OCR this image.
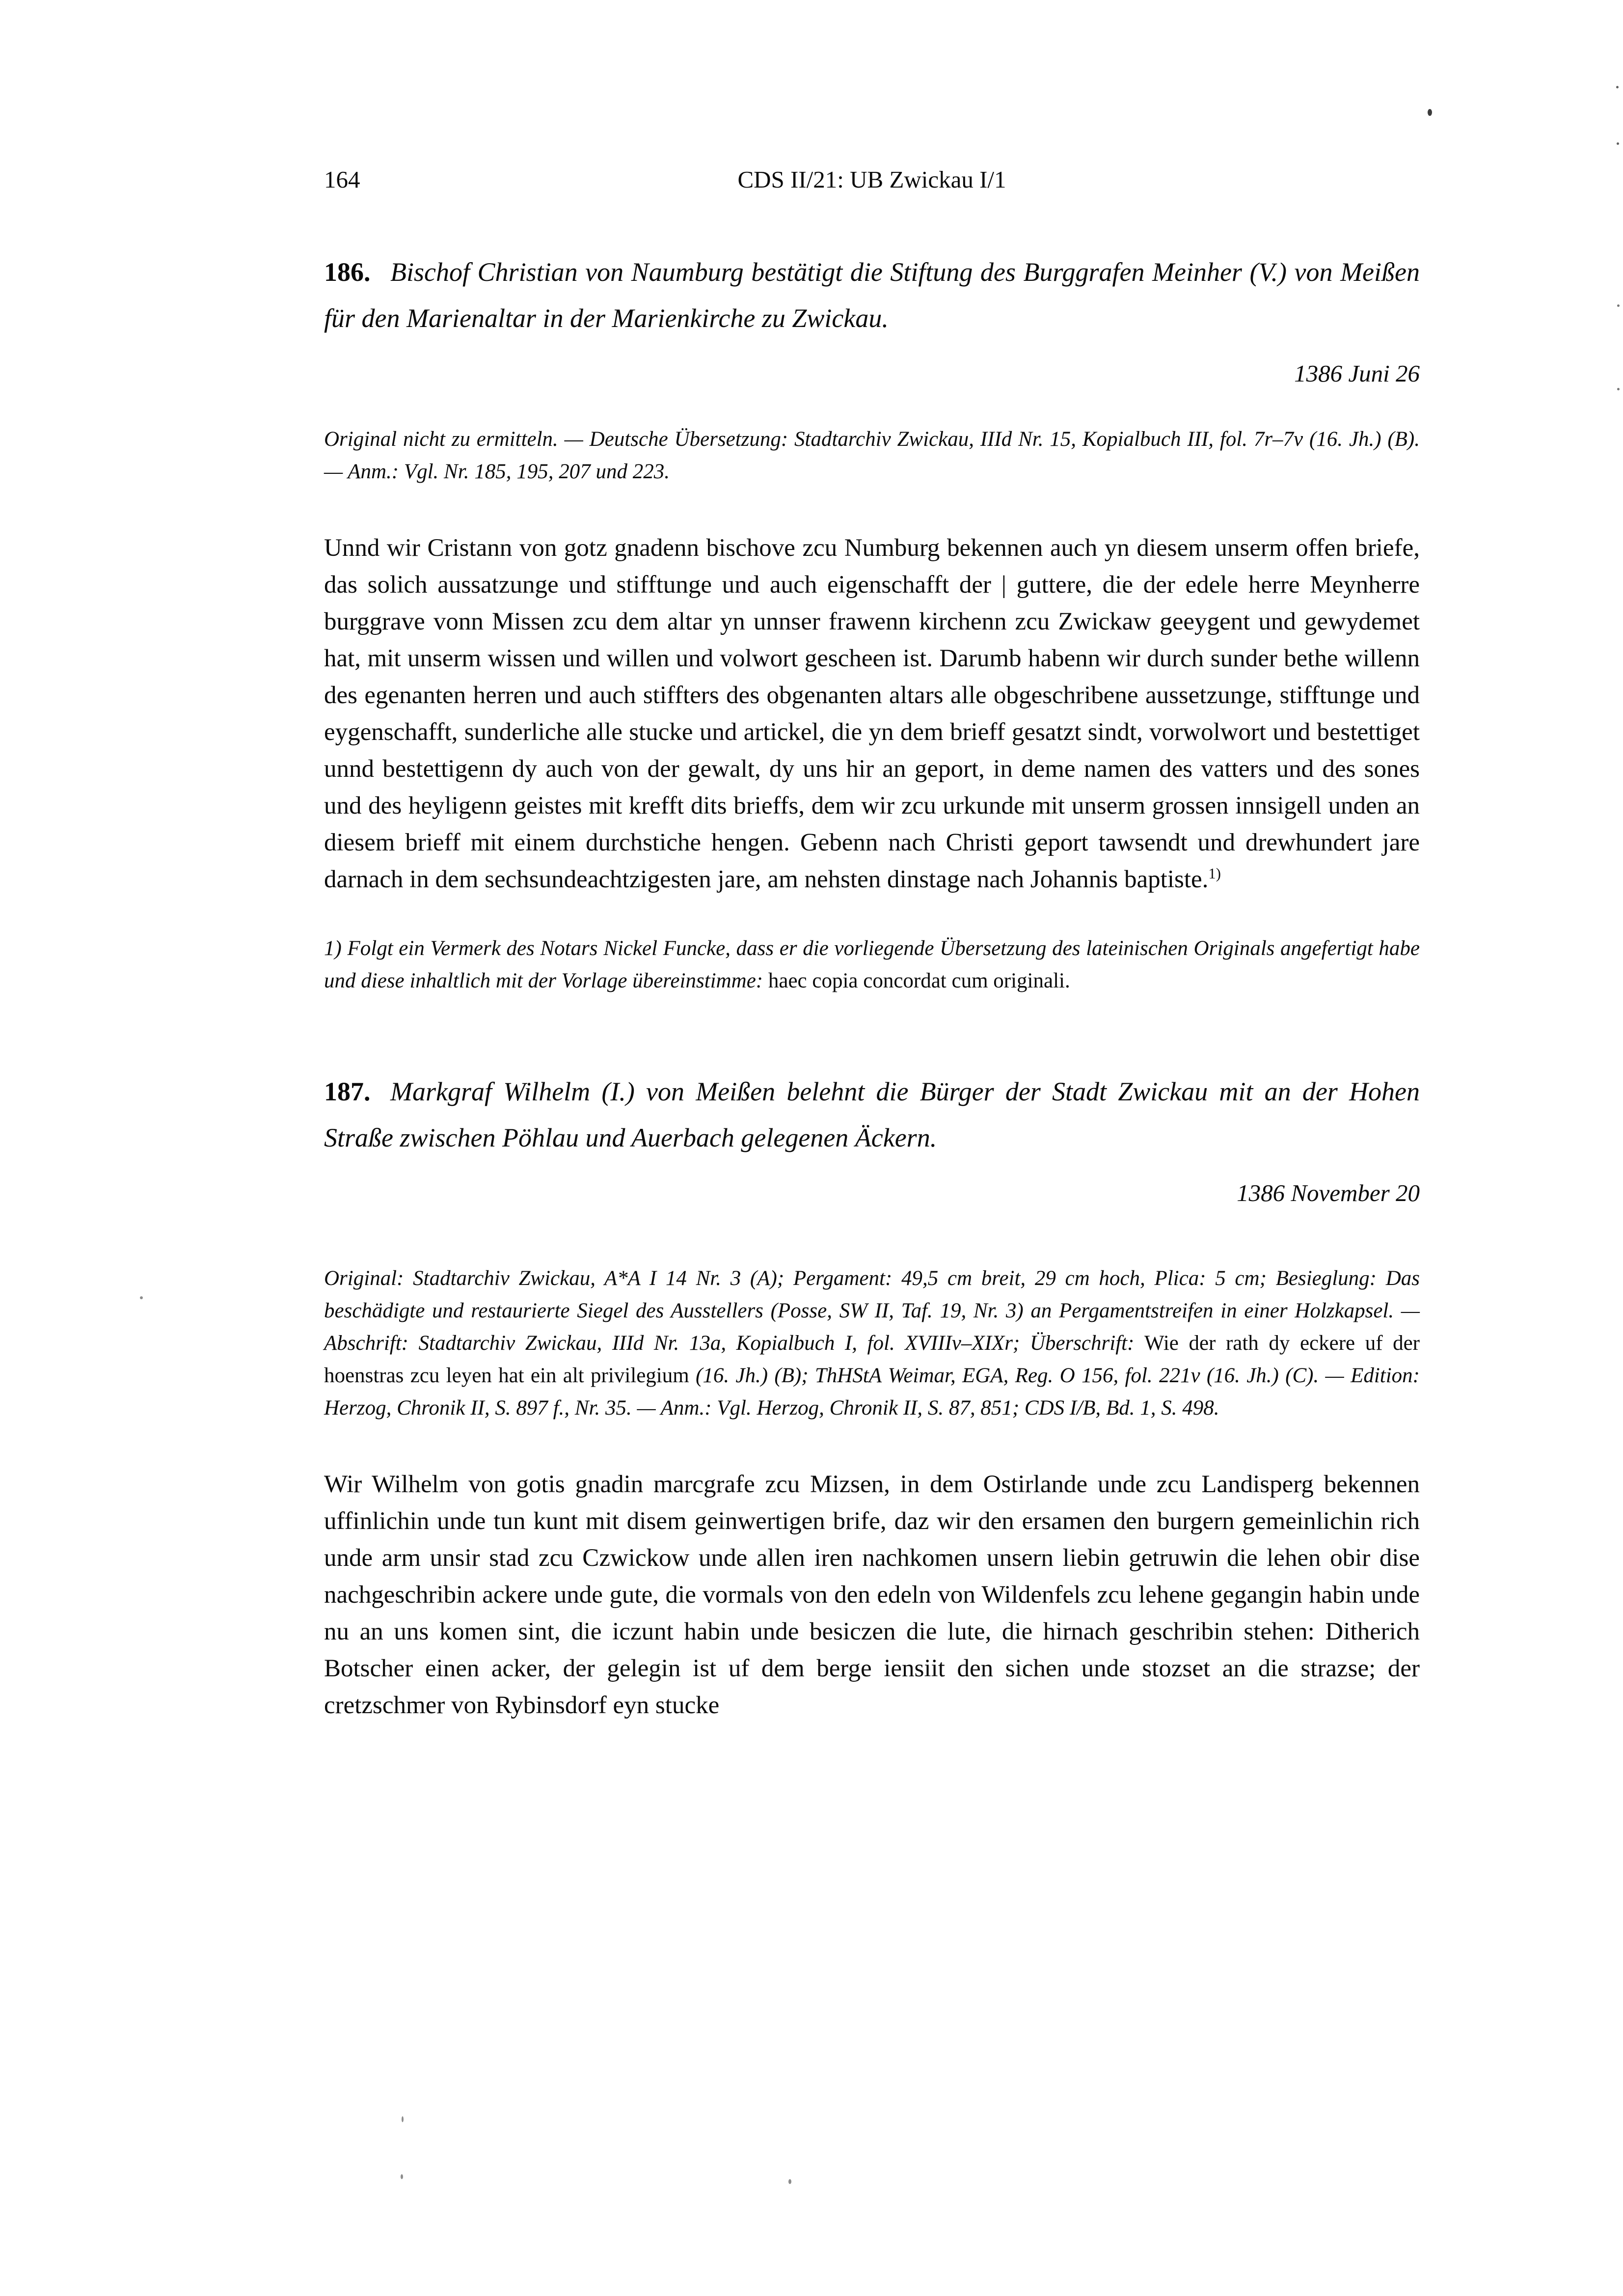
164	CDS II/21: UB Zwickau I/1

186. Bischof Christian von Naumburg bestätigt die Stiftung des Burggrafen Meinher (V.) von Meißen für den Marienaltar in der Marienkirche zu Zwickau.

1386 Juni 26

Original nicht zu ermitteln. — Deutsche Übersetzung: Stadtarchiv Zwickau, IIId Nr. 15, Kopialbuch III, fol. 7r–7v (16. Jh.) (B). — Anm.: Vgl. Nr. 185, 195, 207 und 223.

Unnd wir Cristann von gotz gnadenn bischove zcu Numburg bekennen auch yn diesem unserm offen briefe, das solich aussatzunge und stifftunge und auch eigenschafft der | guttere, die der edele herre Meynherre burggrave vonn Missen zcu dem altar yn unnser frawenn kirchenn zcu Zwickaw geeygent und gewydemet hat, mit unserm wissen und willen und volwort gescheen ist. Darumb habenn wir durch sunder bethe willenn des egenanten herren und auch stiffters des obgenanten altars alle obgeschribene aussetzunge, stifftunge und eygenschafft, sunderliche alle stucke und artickel, die yn dem brieff gesatzt sindt, vorwolwort und bestettiget unnd bestettigenn dy auch von der gewalt, dy uns hir an geport, in deme namen des vatters und des sones und des heyligenn geistes mit krefft dits brieffs, dem wir zcu urkunde mit unserm grossen innsigell unden an diesem brieff mit einem durchstiche hengen. Gebenn nach Christi geport tawsendt und drewhundert jare darnach in dem sechsundeachtzigesten jare, am nehsten dinstage nach Johannis baptiste.$^{1)}$

1) Folgt ein Vermerk des Notars Nickel Funcke, dass er die vorliegende Übersetzung des lateinischen Originals angefertigt habe und diese inhaltlich mit der Vorlage übereinstimme: haec copia concordat cum originali.

187. Markgraf Wilhelm (I.) von Meißen belehnt die Bürger der Stadt Zwickau mit an der Hohen Straße zwischen Pöhlau und Auerbach gelegenen Äckern.

1386 November 20

Original: Stadtarchiv Zwickau, A*A I 14 Nr. 3 (A); Pergament: 49,5 cm breit, 29 cm hoch, Plica: 5 cm; Besieglung: Das beschädigte und restaurierte Siegel des Ausstellers (Posse, SW II, Taf. 19, Nr. 3) an Pergamentstreifen in einer Holzkapsel. — Abschrift: Stadtarchiv Zwickau, IIId Nr. 13a, Kopialbuch I, fol. XVIIIv–XIXr; Überschrift: Wie der rath dy eckere uf der hoenstras zcu leyen hat ein alt privilegium (16. Jh.) (B); ThHStA Weimar, EGA, Reg. O 156, fol. 221v (16. Jh.) (C). — Edition: Herzog, Chronik II, S. 897 f., Nr. 35. — Anm.: Vgl. Herzog, Chronik II, S. 87, 851; CDS I/B, Bd. 1, S. 498.

Wir Wilhelm von gotis gnadin marcgrafe zcu Mizsen, in dem Ostirlande unde zcu Landisperg bekennen uffinlichin unde tun kunt mit disem geinwertigen brife, daz wir den ersamen den burgern gemeinlichin rich unde arm unsir stad zcu Czwickow unde allen iren nachkomen unsern liebin getruwin die lehen obir dise nachgeschribin ackere unde gute, die vormals von den edeln von Wildenfels zcu lehene gegangin habin unde nu an uns komen sint, die iczunt habin unde besiczen die lute, die hirnach geschribin stehen: Ditherich Botscher einen acker, der gelegin ist uf dem berge iensiit den sichen unde stozset an die strazse; der cretzschmer von Rybinsdorf eyn stucke
